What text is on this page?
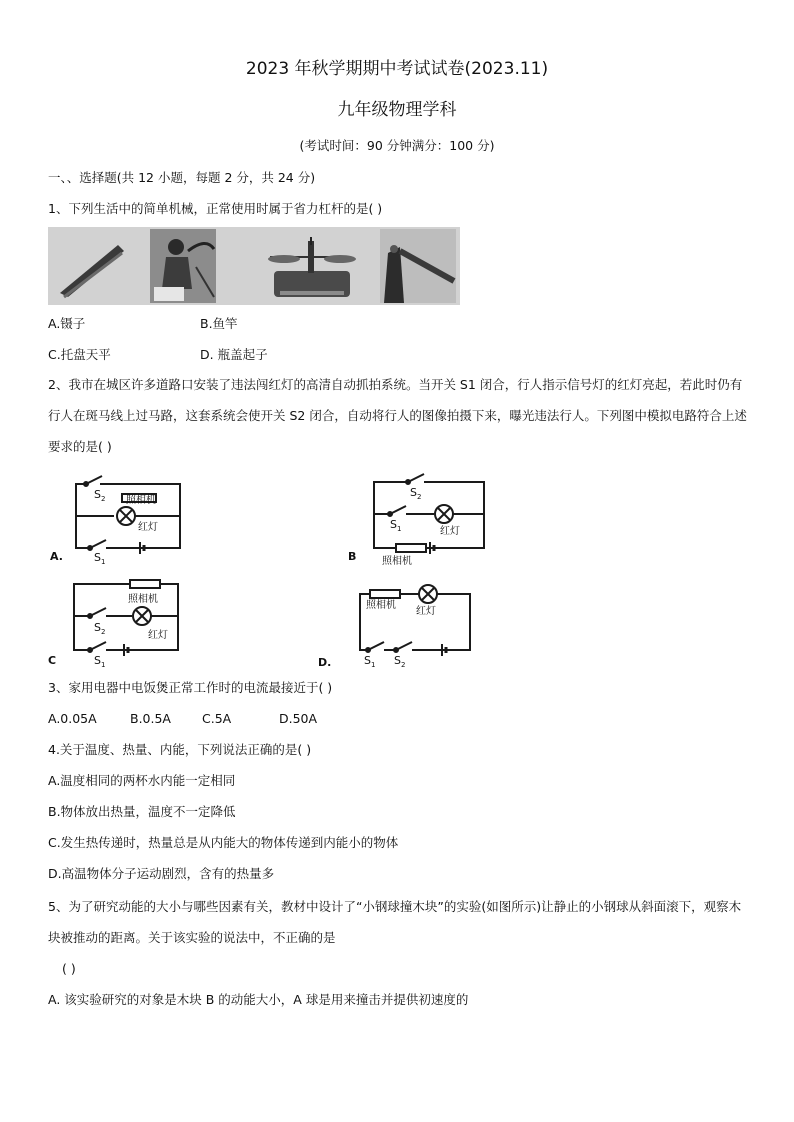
2023 年秋学期期中考试试卷(2023.11)
九年级物理学科
(考试时间：90 分钟满分：100 分)
一、、选择题(共 12 小题，每题 2 分，共 24 分)
1、下列生活中的简单机械，正常使用时属于省力杠杆的是( )
A.镊子	B.鱼竿
C.托盘天平	D. 瓶盖起子
2、我市在城区许多道路口安装了违法闯红灯的高清自动抓拍系统。当开关 S1 闭合，行人指示信号灯的红灯亮起，若此时仍有行人在斑马线上过马路，这套系统会使开关 S2 闭合，自动将行人的图像拍摄下来，曝光违法行人。下列图中模拟电路符合上述要求的是( )
S 2 照相机
红灯
S 1
A.
S 2
S 1	红灯
照相机
B
照相机
S 2	红灯
S 1
C
照相机
红灯
S 1 S 2
D.
3、家用电器中电饭煲正常工作时的电流最接近于( )
A.0.05A	B.0.5A C.5A	D.50A
4.关于温度、热量、内能，下列说法正确的是( )
A.温度相同的两杯水内能一定相同
B.物体放出热量，温度不一定降低
C.发生热传递时，热量总是从内能大的物体传递到内能小的物体
D.高温物体分子运动剧烈，含有的热量多
5、为了研究动能的大小与哪些因素有关，教材中设计了“小钢球撞木块”的实验(如图所示)让静止的小钢球从斜面滚下，观察木块被推动的距离。关于该实验的说法中，不正确的是
( )
A. 该实验研究的对象是木块 B 的动能大小，A 球是用来撞击并提供初速度的
